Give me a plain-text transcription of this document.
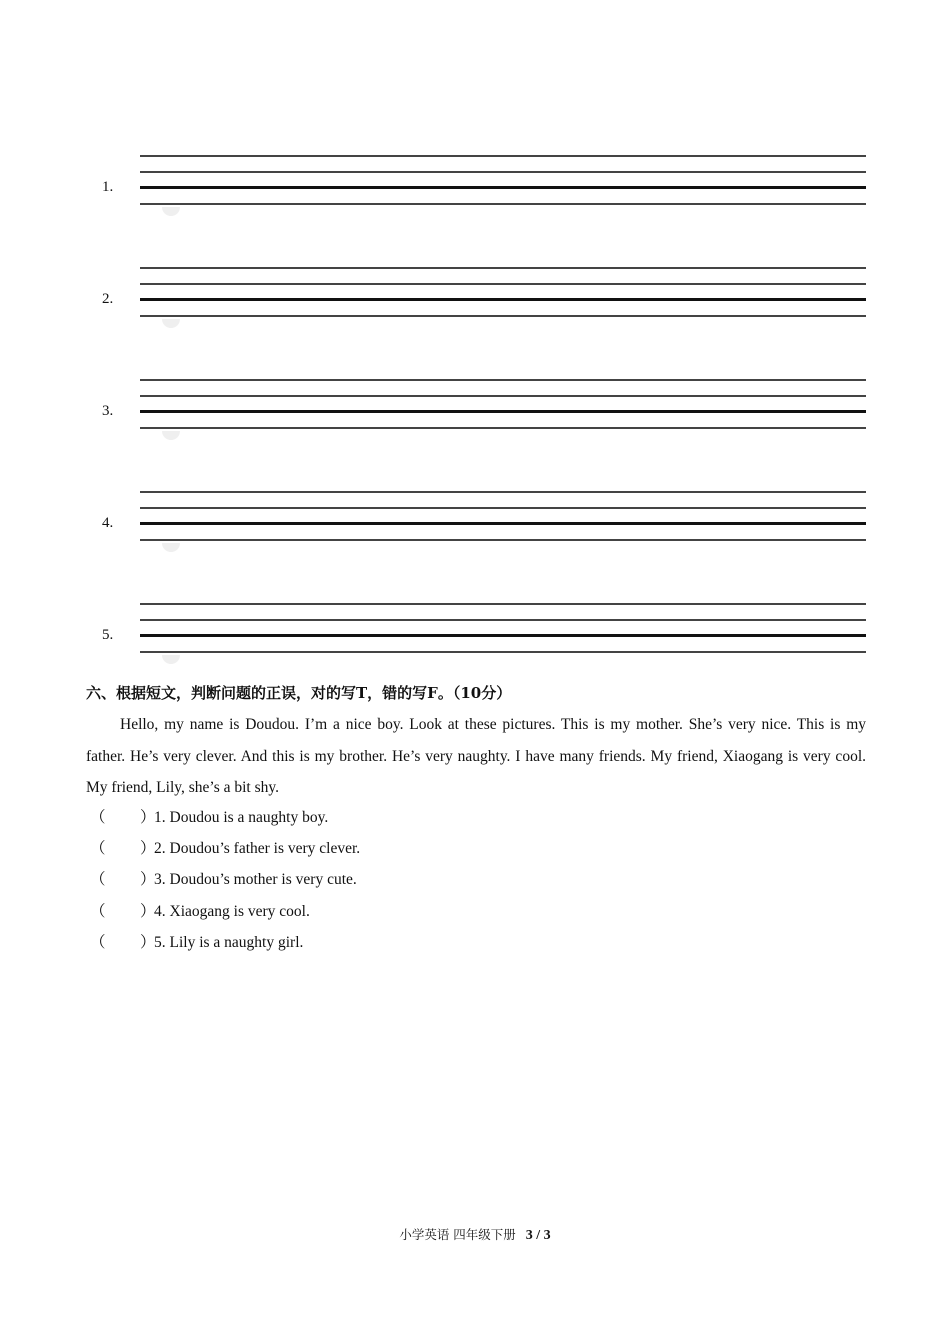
1.
2.
3.
4.
5.
六、根据短文，判断问题的正误，对的写T，错的写F。（10分）

Hello, my name is Doudou. I’m a nice boy. Look at these pictures. This is my mother. She’s very nice. This is my father. He’s very clever. And this is my brother. He’s very naughty. I have many friends. My friend, Xiaogang is very cool. My friend, Lily, she’s a bit shy.

（ ）1. Doudou is a naughty boy.
（ ）2. Doudou’s father is very clever.
（ ）3. Doudou’s mother is very cute.
（ ）4. Xiaogang is very cool.
（ ）5. Lily is a naughty girl.
小学英语 四年级下册 3 / 3
